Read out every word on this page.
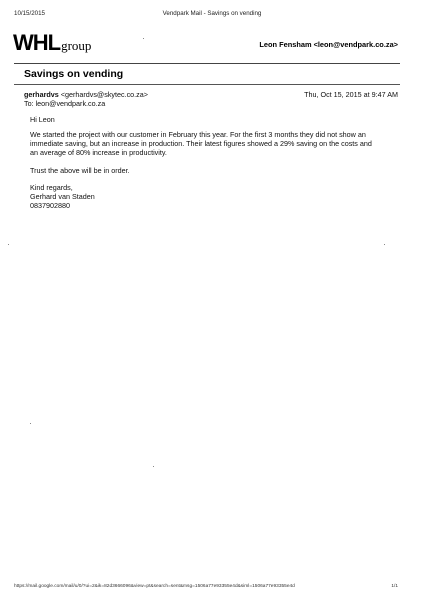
10/15/2015	Vendpark Mail - Savings on vending
WHLgroup	Leon Fensham <leon@vendpark.co.za>
Savings on vending
gerhardvs <gerhardvs@skytec.co.za>
To: leon@vendpark.co.za
Thu, Oct 15, 2015 at 9:47 AM

Hi Leon

We started the project with our customer in February this year. For the first 3 months they did not show an immediate saving, but an increase in production. Their latest figures showed a 29% saving on the costs and an average of 80% increase in productivity.

Trust the above will be in order.

Kind regards,

Gerhard van Staden

0837902880

https://mail.google.com/mail/u/0/?ui=2&ik=82d3666096&view=pt&search=sent&msg=1506a77e93355e4d&siml=1506a77e93355e4d	1/1
